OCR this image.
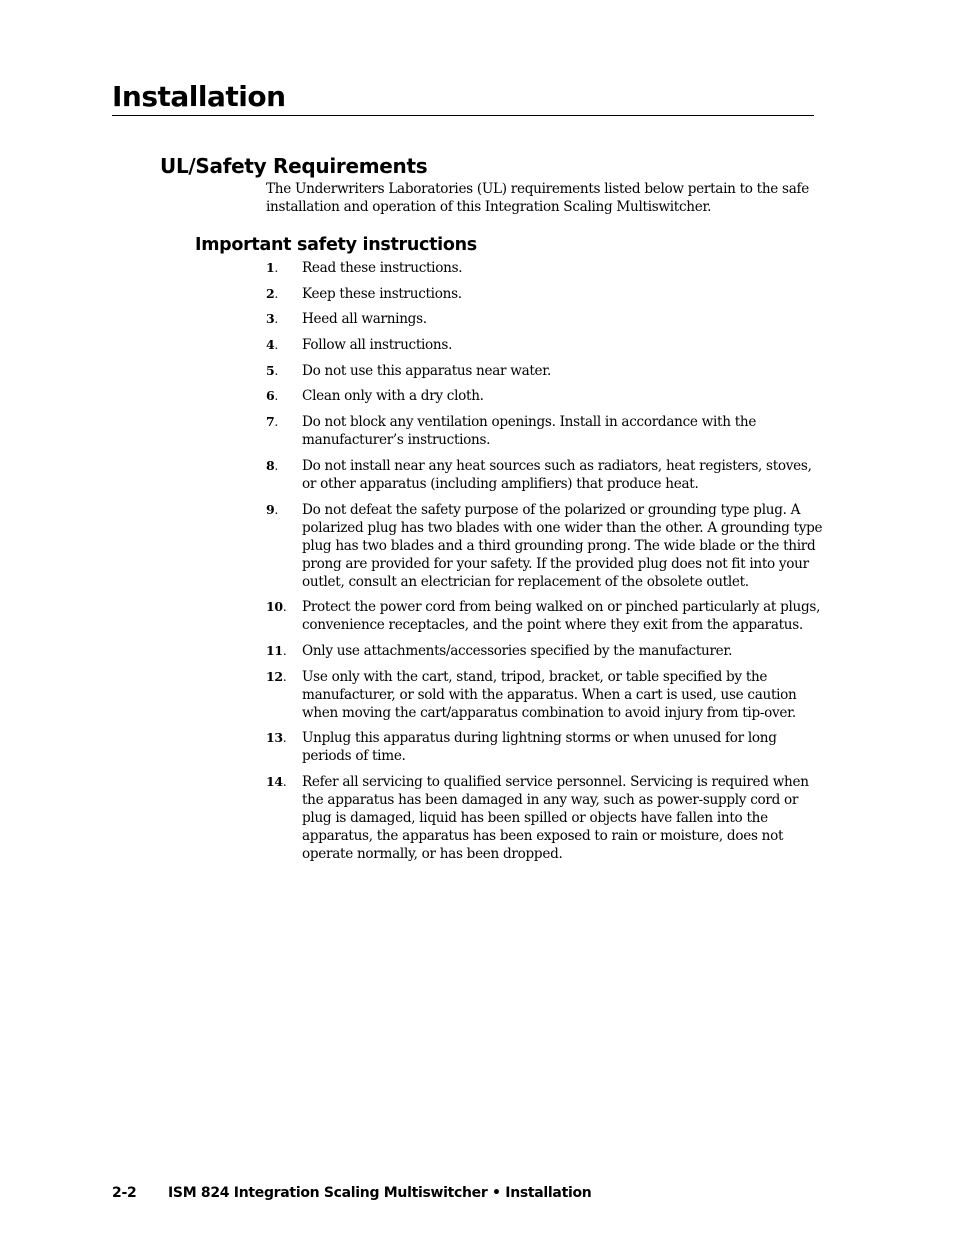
Installation
UL/Safety Requirements

The Underwriters Laboratories (UL) requirements listed below pertain to the safe installation and operation of this Integration Scaling Multiswitcher.

Important safety instructions
1. Read these instructions.
2. Keep these instructions.
3. Heed all warnings.
4. Follow all instructions.
5. Do not use this apparatus near water.
6. Clean only with a dry cloth.
7. Do not block any ventilation openings. Install in accordance with the manufacturer’s instructions.
8. Do not install near any heat sources such as radiators, heat registers, stoves, or other apparatus (including amplifiers) that produce heat.
9. Do not defeat the safety purpose of the polarized or grounding type plug. A polarized plug has two blades with one wider than the other. A grounding type plug has two blades and a third grounding prong. The wide blade or the third prong are provided for your safety. If the provided plug does not fit into your outlet, consult an electrician for replacement of the obsolete outlet.
10. Protect the power cord from being walked on or pinched particularly at plugs, convenience receptacles, and the point where they exit from the apparatus.
11. Only use attachments/accessories specified by the manufacturer.
12. Use only with the cart, stand, tripod, bracket, or table specified by the manufacturer, or sold with the apparatus. When a cart is used, use caution when moving the cart/apparatus combination to avoid injury from tip-over.
13. Unplug this apparatus during lightning storms or when unused for long periods of time.
14. Refer all servicing to qualified service personnel. Servicing is required when the apparatus has been damaged in any way, such as power-supply cord or plug is damaged, liquid has been spilled or objects have fallen into the apparatus, the apparatus has been exposed to rain or moisture, does not operate normally, or has been dropped.
2-2 ISM 824 Integration Scaling Multiswitcher • Installation
